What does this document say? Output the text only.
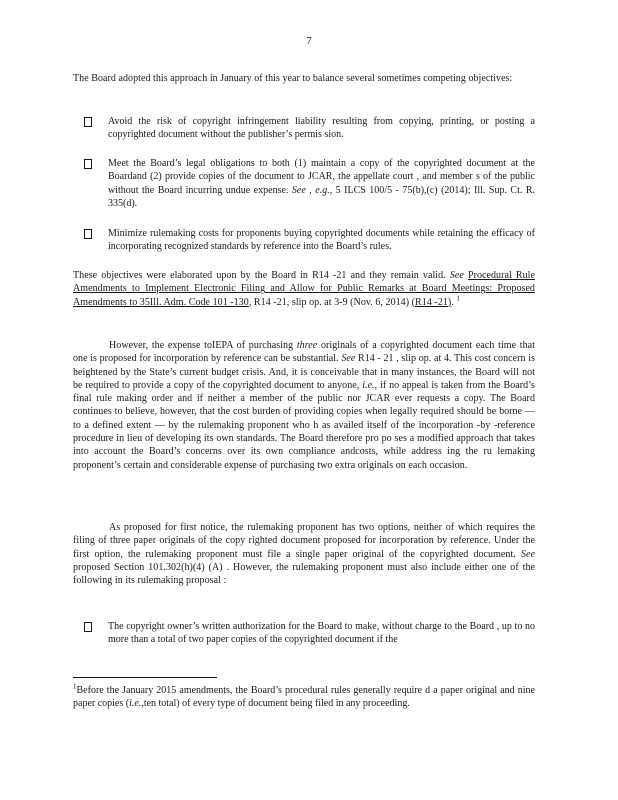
7

The Board adopted this approach in January of this year to balance several sometimes competing objectives:

Avoid the risk of copyright infringement liability resulting from copying, printing, or posting a copyrighted document without the publisher’s permis sion.

Meet the Board’s legal obligations to both (1) maintain a copy of the copyrighted document at the Boardand (2) provide copies of the document to JCAR, the appellate court , and member s of the public without the Board incurring undue expense. See , e.g., 5 ILCS 100/5 - 75(b),(c) (2014); Ill. Sup. Ct. R. 335(d).

Minimize rulemaking costs for proponents buying copyrighted documents while retaining the efficacy of incorporating recognized standards by reference into the Board’s rules.

These objectives were elaborated upon by the Board in R14 -21 and they remain valid. See Procedural Rule Amendments to Implement Electronic Filing and Allow for Public Remarks at Board Meetings: Proposed Amendments to 35Ill. Adm. Code 101 -130, R14 -21, slip op. at 3-9 (Nov. 6, 2014) (R14 -21). $^1$

However, the expense toIEPA of purchasing three originals of a copyrighted document each time that one is proposed for incorporation by reference can be substantial. See R14 - 21 , slip op. at 4. This cost concern is heightened by the State’s current budget crisis. And, it is conceivable that in many instances, the Board will not be required to provide a copy of the copyrighted document to anyone, i.e., if no appeal is taken from the Board’s final rule making order and if neither a member of the public nor JCAR ever requests a copy. The Board continues to believe, however, that the cost burden of providing copies when legally required should be borne — to a defined extent — by the rulemaking proponent who h as availed itself of the incorporation -by -reference procedure in lieu of developing its own standards. The Board therefore pro po ses a modified approach that takes into account the Board’s concerns over its own compliance andcosts, while address ing the ru lemaking proponent’s certain and considerable expense of purchasing two extra originals on each occasion.

As proposed for first notice, the rulemaking proponent has two options, neither of which requires the filing of three paper originals of the copy righted document proposed for incorporation by reference. Under the first option, the rulemaking proponent must file a single paper original of the copyrighted document. See proposed Section 101.302(h)(4) (A) . However, the rulemaking proponent must also include either one of the following in its rulemaking proposal :

The copyright owner’s written authorization for the Board to make, without charge to the Board , up to no more than a total of two paper copies of the copyrighted document if the

$^1$Before the January 2015 amendments, the Board’s procedural rules generally require d a paper original and nine paper copies (i.e.,ten total) of every type of document being filed in any proceeding.
